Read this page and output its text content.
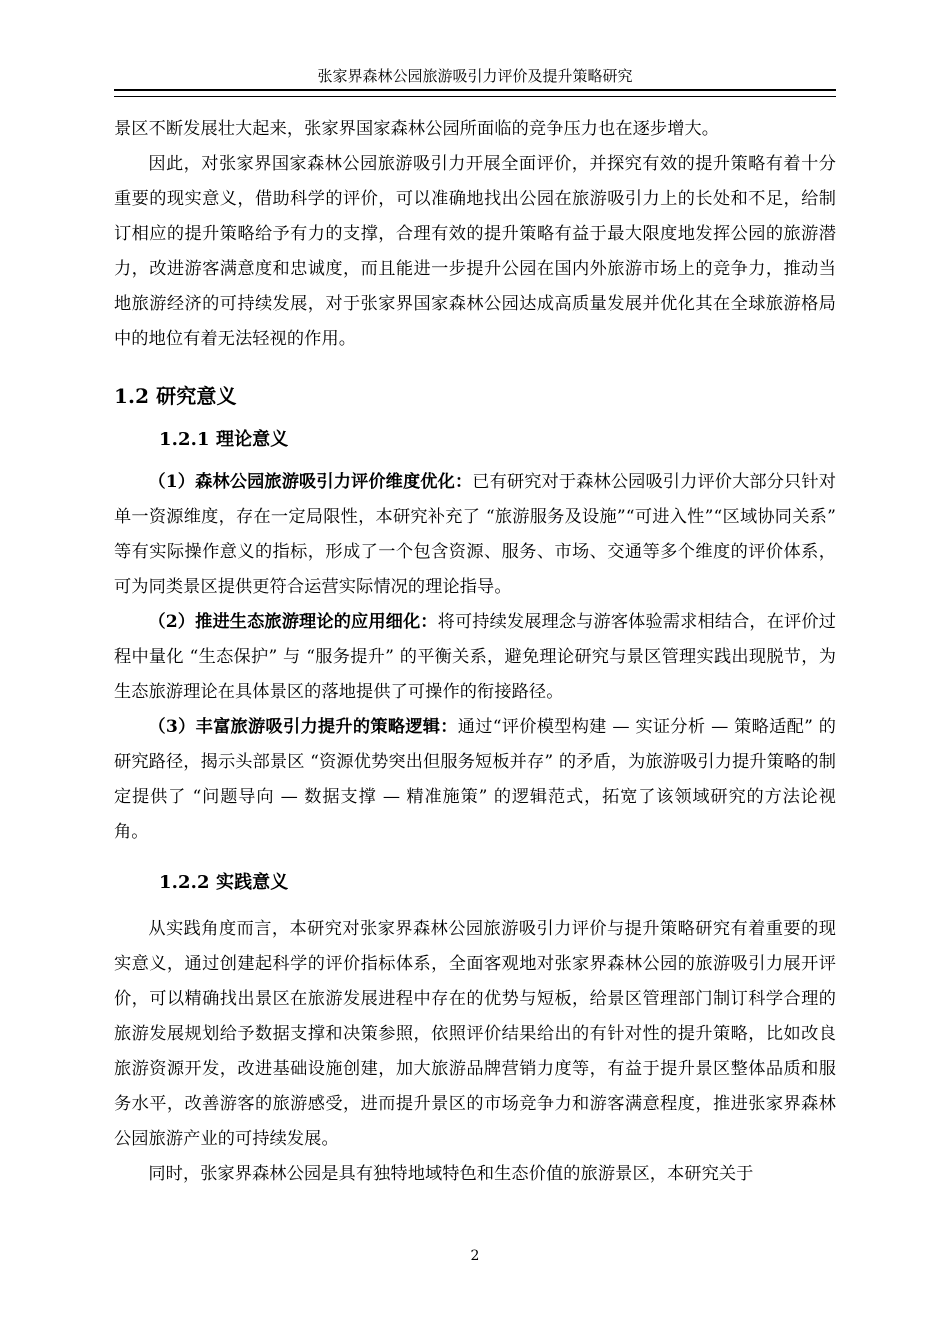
张家界森林公园旅游吸引力评价及提升策略研究

景区不断发展壮大起来，张家界国家森林公园所面临的竞争压力也在逐步增大。

因此，对张家界国家森林公园旅游吸引力开展全面评价，并探究有效的提升策略有着十分重要的现实意义，借助科学的评价，可以准确地找出公园在旅游吸引力上的长处和不足，给制订相应的提升策略给予有力的支撑，合理有效的提升策略有益于最大限度地发挥公园的旅游潜力，改进游客满意度和忠诚度，而且能进一步提升公园在国内外旅游市场上的竞争力，推动当地旅游经济的可持续发展，对于张家界国家森林公园达成高质量发展并优化其在全球旅游格局中的地位有着无法轻视的作用。

1.2 研究意义
1.2.1 理论意义

（1）森林公园旅游吸引力评价维度优化：已有研究对于森林公园吸引力评价大部分只针对单一资源维度，存在一定局限性，本研究补充了 “旅游服务及设施”“可进入性”“区域协同关系” 等有实际操作意义的指标，形成了一个包含资源、服务、市场、交通等多个维度的评价体系，可为同类景区提供更符合运营实际情况的理论指导。

（2）推进生态旅游理论的应用细化：将可持续发展理念与游客体验需求相结合，在评价过程中量化 “生态保护” 与 “服务提升” 的平衡关系，避免理论研究与景区管理实践出现脱节，为生态旅游理论在具体景区的落地提供了可操作的衔接路径。

（3）丰富旅游吸引力提升的策略逻辑：通过“评价模型构建 — 实证分析 — 策略适配” 的研究路径，揭示头部景区 “资源优势突出但服务短板并存” 的矛盾，为旅游吸引力提升策略的制定提供了 “问题导向 — 数据支撑 — 精准施策” 的逻辑范式，拓宽了该领域研究的方法论视角。

1.2.2 实践意义

从实践角度而言，本研究对张家界森林公园旅游吸引力评价与提升策略研究有着重要的现实意义，通过创建起科学的评价指标体系，全面客观地对张家界森林公园的旅游吸引力展开评价，可以精确找出景区在旅游发展进程中存在的优势与短板，给景区管理部门制订科学合理的旅游发展规划给予数据支撑和决策参照，依照评价结果给出的有针对性的提升策略，比如改良旅游资源开发，改进基础设施创建，加大旅游品牌营销力度等，有益于提升景区整体品质和服务水平，改善游客的旅游感受，进而提升景区的市场竞争力和游客满意程度，推进张家界森林公园旅游产业的可持续发展。

同时，张家界森林公园是具有独特地域特色和生态价值的旅游景区，本研究关于

2
